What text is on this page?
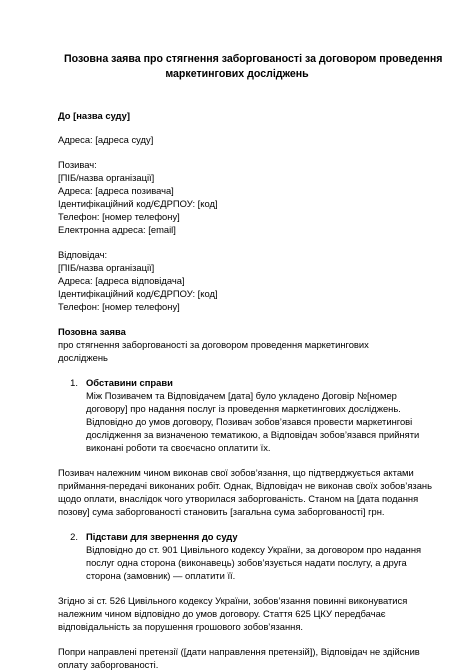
Позовна заява про стягнення заборгованості за договором проведення
маркетингових досліджень
До [назва суду]
Адреса: [адреса суду]
Позивач:
[ПІБ/назва організації]
Адреса: [адреса позивача]
Ідентифікаційний код/ЄДРПОУ: [код]
Телефон: [номер телефону]
Електронна адреса: [email]
Відповідач:
[ПІБ/назва організації]
Адреса: [адреса відповідача]
Ідентифікаційний код/ЄДРПОУ: [код]
Телефон: [номер телефону]
Позовна заява
про стягнення заборгованості за договором проведення маркетингових досліджень
1. Обставини справи
Між Позивачем та Відповідачем [дата] було укладено Договір №[номер
договору] про надання послуг із проведення маркетингових досліджень.
Відповідно до умов договору, Позивач зобов’язався провести маркетингові
дослідження за визначеною тематикою, а Відповідач зобов’язався прийняти
виконані роботи та своєчасно оплатити їх.
Позивач належним чином виконав свої зобов’язання, що підтверджується актами
приймання-передачі виконаних робіт. Однак, Відповідач не виконав своїх зобов’язань
щодо оплати, внаслідок чого утворилася заборгованість. Станом на [дата подання
позову] сума заборгованості становить [загальна сума заборгованості] грн.
2. Підстави для звернення до суду
Відповідно до ст. 901 Цивільного кодексу України, за договором про надання
послуг одна сторона (виконавець) зобов’язується надати послугу, а друга
сторона (замовник) — оплатити її.
Згідно зі ст. 526 Цивільного кодексу України, зобов’язання повинні виконуватися
належним чином відповідно до умов договору. Стаття 625 ЦКУ передбачає
відповідальність за порушення грошового зобов’язання.
Попри направлені претензії ([дати направлення претензій]), Відповідач не здійснив
оплату заборгованості.
